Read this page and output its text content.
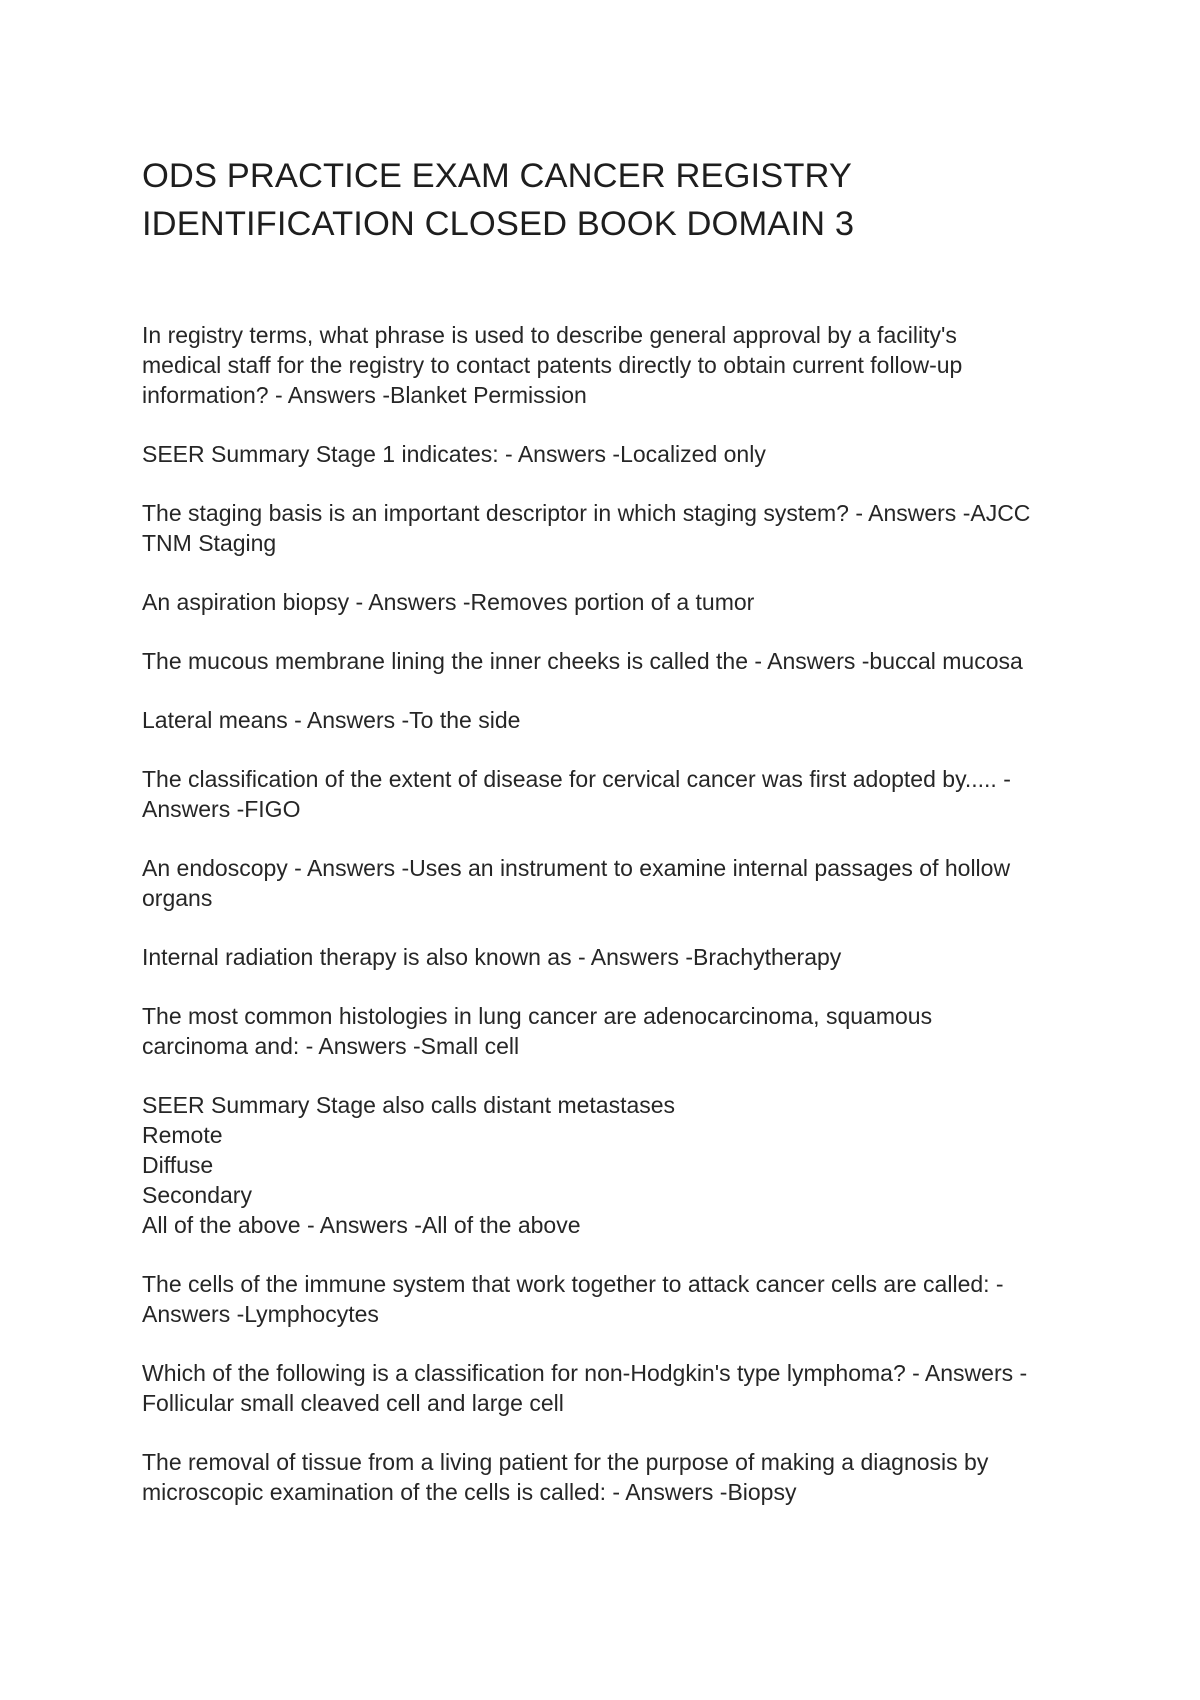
ODS PRACTICE EXAM CANCER REGISTRY
IDENTIFICATION CLOSED BOOK DOMAIN 3
In registry terms, what phrase is used to describe general approval by a facility's
medical staff for the registry to contact patents directly to obtain current follow-up
information? - Answers -Blanket Permission
SEER Summary Stage 1 indicates: - Answers -Localized only
The staging basis is an important descriptor in which staging system? - Answers -AJCC
TNM Staging
An aspiration biopsy - Answers -Removes portion of a tumor
The mucous membrane lining the inner cheeks is called the - Answers -buccal mucosa
Lateral means - Answers -To the side
The classification of the extent of disease for cervical cancer was first adopted by..... -
Answers -FIGO
An endoscopy - Answers -Uses an instrument to examine internal passages of hollow
organs
Internal radiation therapy is also known as - Answers -Brachytherapy
The most common histologies in lung cancer are adenocarcinoma, squamous
carcinoma and: - Answers -Small cell
SEER Summary Stage also calls distant metastases
Remote
Diffuse
Secondary
All of the above - Answers -All of the above
The cells of the immune system that work together to attack cancer cells are called: -
Answers -Lymphocytes
Which of the following is a classification for non-Hodgkin's type lymphoma? - Answers -
Follicular small cleaved cell and large cell
The removal of tissue from a living patient for the purpose of making a diagnosis by
microscopic examination of the cells is called: - Answers -Biopsy
